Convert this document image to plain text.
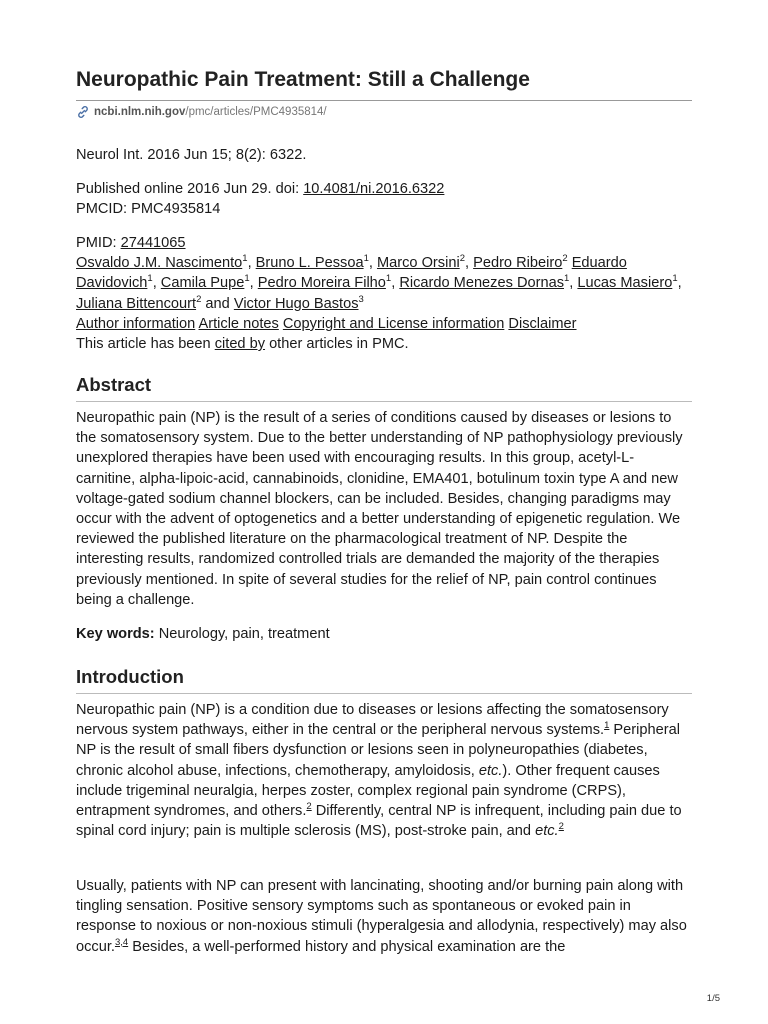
Neuropathic Pain Treatment: Still a Challenge
ncbi.nlm.nih.gov /pmc/articles/PMC4935814/

Neurol Int. 2016 Jun 15; 8(2): 6322.

Published online 2016 Jun 29. doi: 10.4081/ni.2016.6322
PMCID: PMC4935814

PMID: 27441065
Osvaldo J.M. Nascimento$^1$, Bruno L. Pessoa$^1$, Marco Orsini$^2$, Pedro Ribeiro$^2$ Eduardo Davidovich$^1$, Camila Pupe$^1$, Pedro Moreira Filho$^1$, Ricardo Menezes Dornas$^1$, Lucas Masiero$^1$, Juliana Bittencourt$^2$ and Victor Hugo Bastos$^3$
Author information Article notes Copyright and License information Disclaimer
This article has been cited by other articles in PMC.
Abstract

Neuropathic pain (NP) is the result of a series of conditions caused by diseases or lesions to the somatosensory system. Due to the better understanding of NP pathophysiology previously unexplored therapies have been used with encouraging results. In this group, acetyl-L-carnitine, alpha-lipoic-acid, cannabinoids, clonidine, EMA401, botulinum toxin type A and new voltage-gated sodium channel blockers, can be included. Besides, changing paradigms may occur with the advent of optogenetics and a better understanding of epigenetic regulation. We reviewed the published literature on the pharmacological treatment of NP. Despite the interesting results, randomized controlled trials are demanded the majority of the therapies previously mentioned. In spite of several studies for the relief of NP, pain control continues being a challenge.

Key words: Neurology, pain, treatment

Introduction

Neuropathic pain (NP) is a condition due to diseases or lesions affecting the somatosensory nervous system pathways, either in the central or the peripheral nervous systems.$^1$ Peripheral NP is the result of small fibers dysfunction or lesions seen in polyneuropathies (diabetes, chronic alcohol abuse, infections, chemotherapy, amyloidosis, etc.). Other frequent causes include trigeminal neuralgia, herpes zoster, complex regional pain syndrome (CRPS), entrapment syndromes, and others.$^2$ Differently, central NP is infrequent, including pain due to spinal cord injury; pain is multiple sclerosis (MS), post-stroke pain, and etc.$^2$

Usually, patients with NP can present with lancinating, shooting and/or burning pain along with tingling sensation. Positive sensory symptoms such as spontaneous or evoked pain in response to noxious or non-noxious stimuli (hyperalgesia and allodynia, respectively) may also occur.$^{3,4}$ Besides, a well-performed history and physical examination are the

1/5
